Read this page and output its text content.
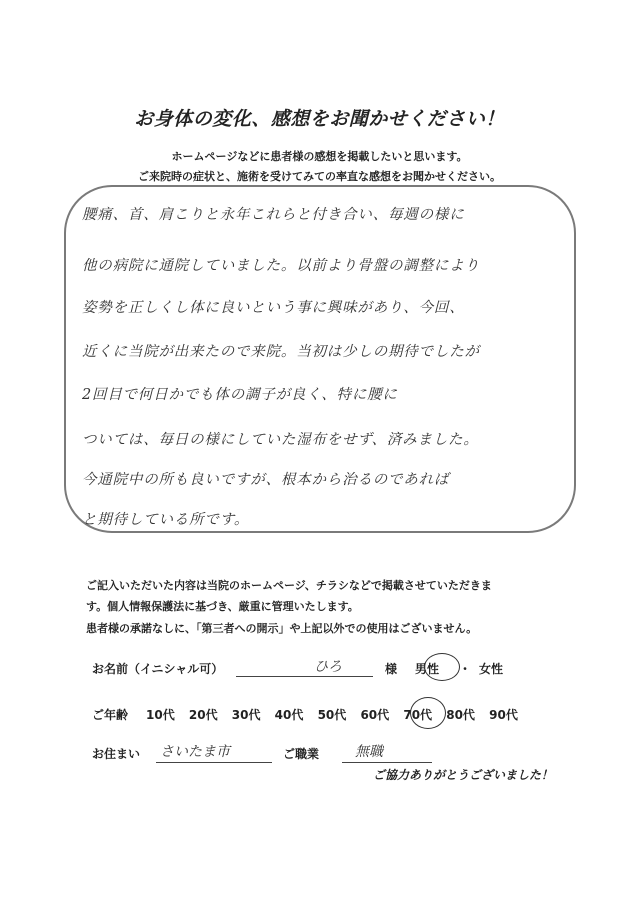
お身体の変化、感想をお聞かせください！
ホームページなどに患者様の感想を掲載したいと思います。
ご来院時の症状と、施術を受けてみての率直な感想をお聞かせください。
腰痛、首、肩こりと永年これらと付き合い、毎週の様に
他の病院に通院していました。以前より骨盤の調整により
姿勢を正しくし体に良いという事に興味があり、今回、
近くに当院が出来たので来院。当初は少しの期待でしたが
2回目で何日かでも体の調子が良く、特に腰に
ついては、毎日の様にしていた湿布をせず、済みました。
今通院中の所も良いですが、根本から治るのであれば
と期待している所です。
ご記入いただいた内容は当院のホームページ、チラシなどで掲載させていただきま
す。個人情報保護法に基づき、厳重に管理いたします。
患者様の承諾なしに、「第三者への開示」や上記以外での使用はございません。
お名前（イニシャル可）	ひろ	様 男性 ・ 女性
ご年齢 10代 20代 30代 40代 50代 60代 70代 80代 90代
お住まい さいたま市	ご職業	無職
ご協力ありがとうございました！
